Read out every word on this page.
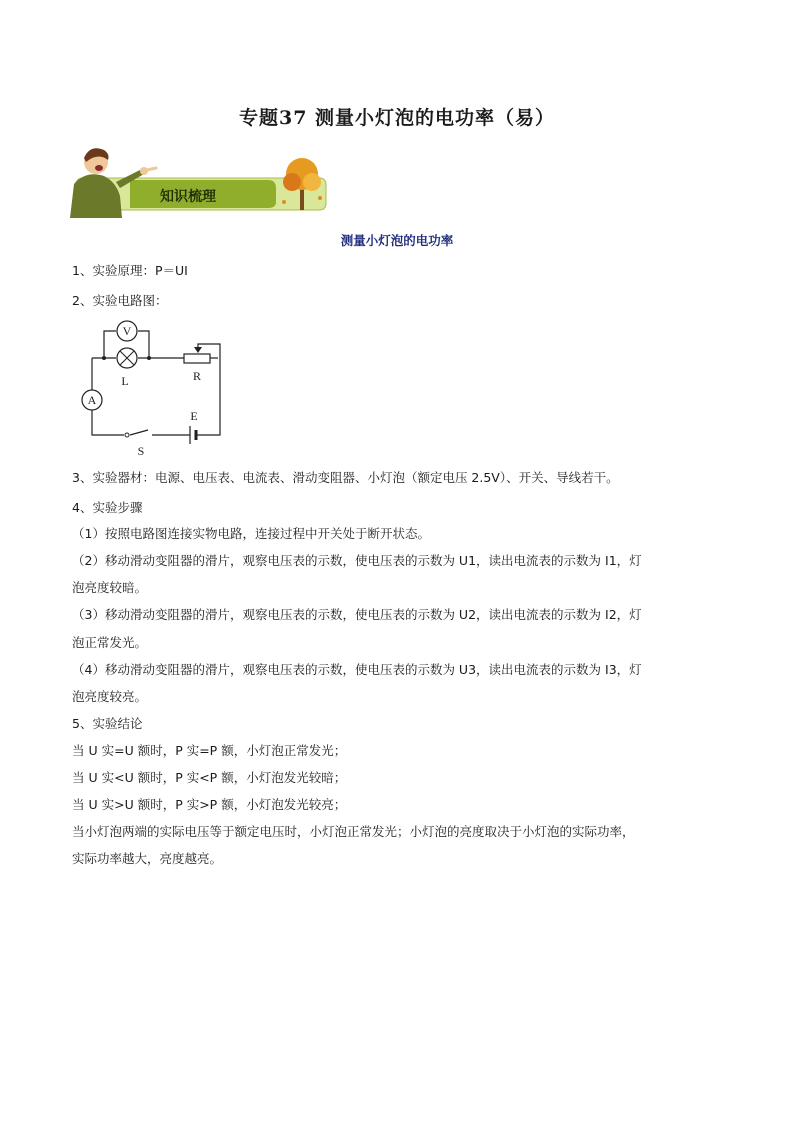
专题37 测量小灯泡的电功率（易）
知识梳理
测量小灯泡的电功率
1、实验原理：P＝UI
2、实验电路图：
V
A
L	R
E
S
3、实验器材：电源、电压表、电流表、滑动变阻器、小灯泡（额定电压 2.5V）、开关、导线若干。
4、实验步骤
（1）按照电路图连接实物电路，连接过程中开关处于断开状态。
（2）移动滑动变阻器的滑片，观察电压表的示数，使电压表的示数为 U1，读出电流表的示数为 I1，灯
泡亮度较暗。
（3）移动滑动变阻器的滑片，观察电压表的示数，使电压表的示数为 U2，读出电流表的示数为 I2，灯
泡正常发光。
（4）移动滑动变阻器的滑片，观察电压表的示数，使电压表的示数为 U3，读出电流表的示数为 I3，灯
泡亮度较亮。
5、实验结论
当 U 实=U 额时，P 实=P 额，小灯泡正常发光；
当 U 实<U 额时，P 实<P 额，小灯泡发光较暗；
当 U 实>U 额时，P 实>P 额，小灯泡发光较亮；
当小灯泡两端的实际电压等于额定电压时，小灯泡正常发光；小灯泡的亮度取决于小灯泡的实际功率，
实际功率越大，亮度越亮。
